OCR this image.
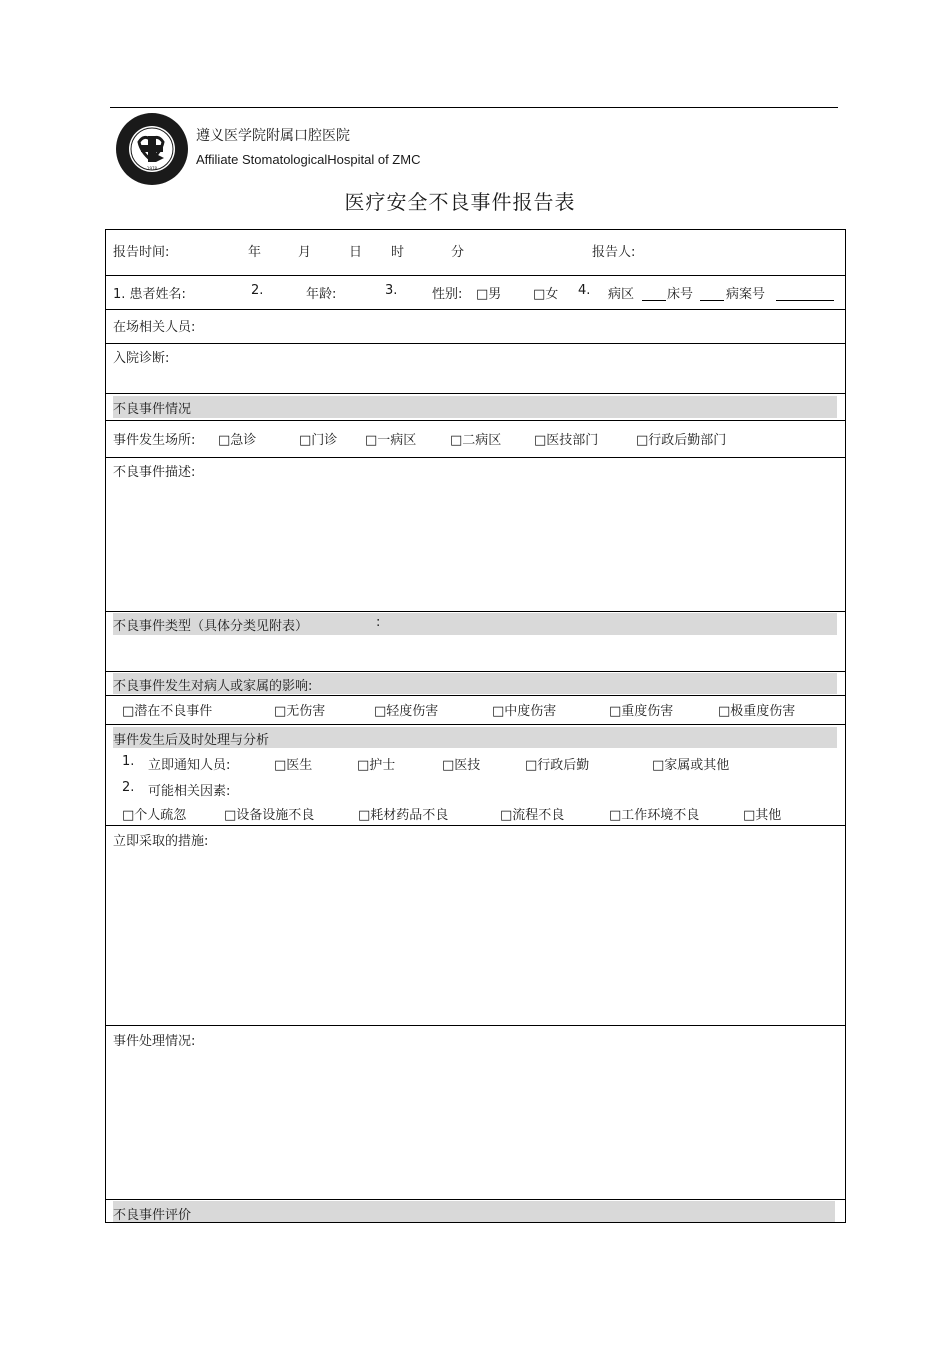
1978
遵义医学院附属口腔医院
Affiliate StomatologicalHospital of ZMC
医疗安全不良事件报告表
报告时间:	年	月	日 时	分	报告人:
1. 患者姓名:	2.	年龄:	3.	性别: □男 □女 4. 病区	床号	病案号
在场相关人员:
入院诊断:
不良事件情况
事件发生场所: □急诊	□门诊 □一病区	□二病区	□医技部门	□行政后勤部门
不良事件描述:
不良事件类型（具体分类见附表）	:
不良事件发生对病人或家属的影响:
□潜在不良事件	□无伤害	□轻度伤害	□中度伤害	□重度伤害	□极重度伤害
事件发生后及时处理与分析
1. 立即通知人员:	□医生	□护士	□医技	□行政后勤	□家属或其他
2. 可能相关因素:
□个人疏忽	□设备设施不良	□耗材药品不良	□流程不良	□工作环境不良	□其他
立即采取的措施:
事件处理情况:
不良事件评价
